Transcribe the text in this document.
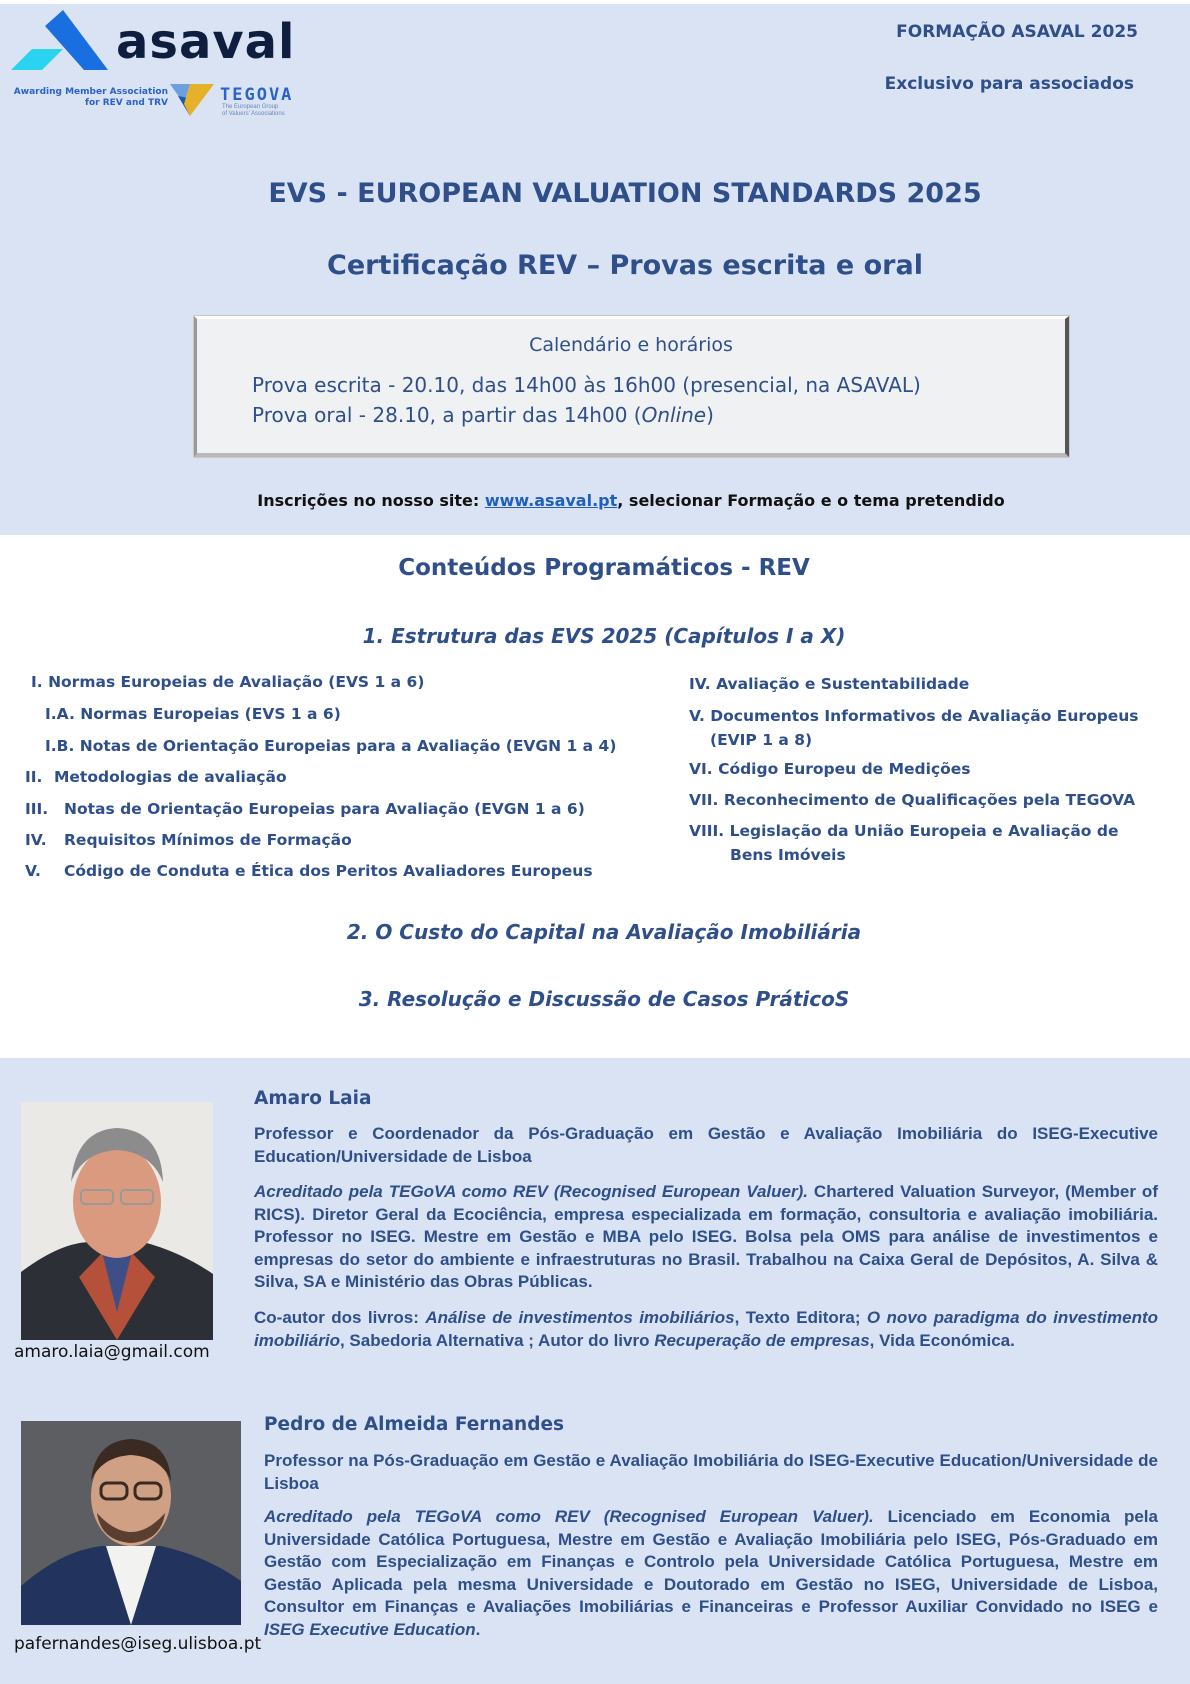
asaval
Awarding Member Association
for REV and TRV	TEGOVA
The European Group
of Valuers' Associations
FORMAÇÃO ASAVAL 2025
Exclusivo para associados
EVS - EUROPEAN VALUATION STANDARDS 2025
Certificação REV – Provas escrita e oral
Calendário e horários
Prova escrita - 20.10, das 14h00 às 16h00 (presencial, na ASAVAL)
Prova oral - 28.10, a partir das 14h00 (Online)
Inscrições no nosso site: www.asaval.pt, selecionar Formação e o tema pretendido
Conteúdos Programáticos - REV
1. Estrutura das EVS 2025 (Capítulos I a X)
I. Normas Europeias de Avaliação (EVS 1 a 6)
I.A. Normas Europeias (EVS 1 a 6)
I.B. Notas de Orientação Europeias para a Avaliação (EVGN 1 a 4)
II. Metodologias de avaliação
III. Notas de Orientação Europeias para Avaliação (EVGN 1 a 6)
IV. Requisitos Mínimos de Formação
V. Código de Conduta e Ética dos Peritos Avaliadores Europeus
IV. Avaliação e Sustentabilidade
V. Documentos Informativos de Avaliação Europeus
(EVIP 1 a 8)
VI. Código Europeu de Medições
VII. Reconhecimento de Qualificações pela TEGOVA
VIII. Legislação da União Europeia e Avaliação de
Bens Imóveis
2. O Custo do Capital na Avaliação Imobiliária
3. Resolução e Discussão de Casos PráticoS
amaro.laia@gmail.com
Amaro Laia
Professor e Coordenador da Pós-Graduação em Gestão e Avaliação Imobiliária do ISEG-Executive Education/Universidade de Lisboa
Acreditado pela TEGoVA como REV (Recognised European Valuer). Chartered Valuation Surveyor, (Member of RICS). Diretor Geral da Ecociência, empresa especializada em formação, consultoria e avaliação imobiliária. Professor no ISEG. Mestre em Gestão e MBA pelo ISEG. Bolsa pela OMS para análise de investimentos e empresas do setor do ambiente e infraestruturas no Brasil. Trabalhou na Caixa Geral de Depósitos, A. Silva & Silva, SA e Ministério das Obras Públicas.
Co-autor dos livros: Análise de investimentos imobiliários, Texto Editora; O novo paradigma do investimento imobiliário, Sabedoria Alternativa ; Autor do livro Recuperação de empresas, Vida Económica.
pafernandes@iseg.ulisboa.pt
Pedro de Almeida Fernandes
Professor na Pós-Graduação em Gestão e Avaliação Imobiliária do ISEG-Executive Education/Universidade de Lisboa
Acreditado pela TEGoVA como REV (Recognised European Valuer). Licenciado em Economia pela Universidade Católica Portuguesa, Mestre em Gestão e Avaliação Imobiliária pelo ISEG, Pós-Graduado em Gestão com Especialização em Finanças e Controlo pela Universidade Católica Portuguesa, Mestre em Gestão Aplicada pela mesma Universidade e Doutorado em Gestão no ISEG, Universidade de Lisboa, Consultor em Finanças e Avaliações Imobiliárias e Financeiras e Professor Auxiliar Convidado no ISEG e ISEG Executive Education.
